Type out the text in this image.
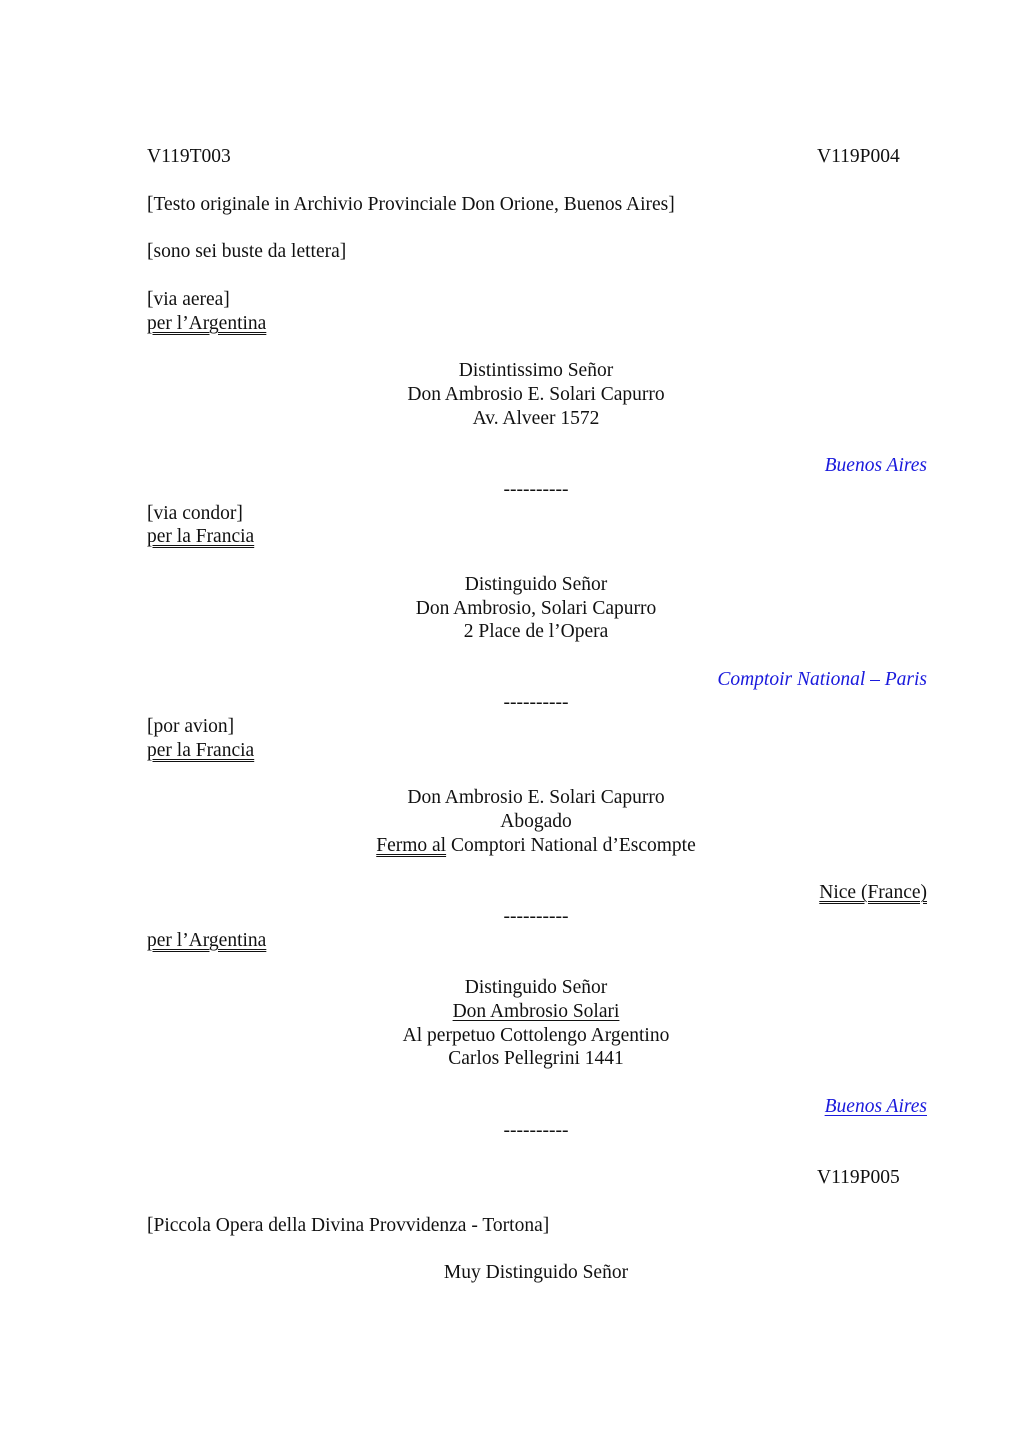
V119T003	V119P004
[Testo originale in Archivio Provinciale Don Orione, Buenos Aires]
[sono sei buste da lettera]
[via aerea]
per l’Argentina
Distintissimo Señor
Don Ambrosio E. Solari Capurro
Av. Alveer 1572
Buenos Aires
----------
[via condor]
per la Francia
Distinguido Señor
Don Ambrosio, Solari Capurro
2 Place de l’Opera
Comptoir National – Paris
----------
[por avion]
per la Francia
Don Ambrosio E. Solari Capurro
Abogado
Fermo al Comptori National d’Escompte
Nice (France)
----------
per l’Argentina
Distinguido Señor
Don Ambrosio Solari
Al perpetuo Cottolengo Argentino
Carlos Pellegrini 1441
Buenos Aires
----------
V119P005
[Piccola Opera della Divina Provvidenza - Tortona]
Muy Distinguido Señor
